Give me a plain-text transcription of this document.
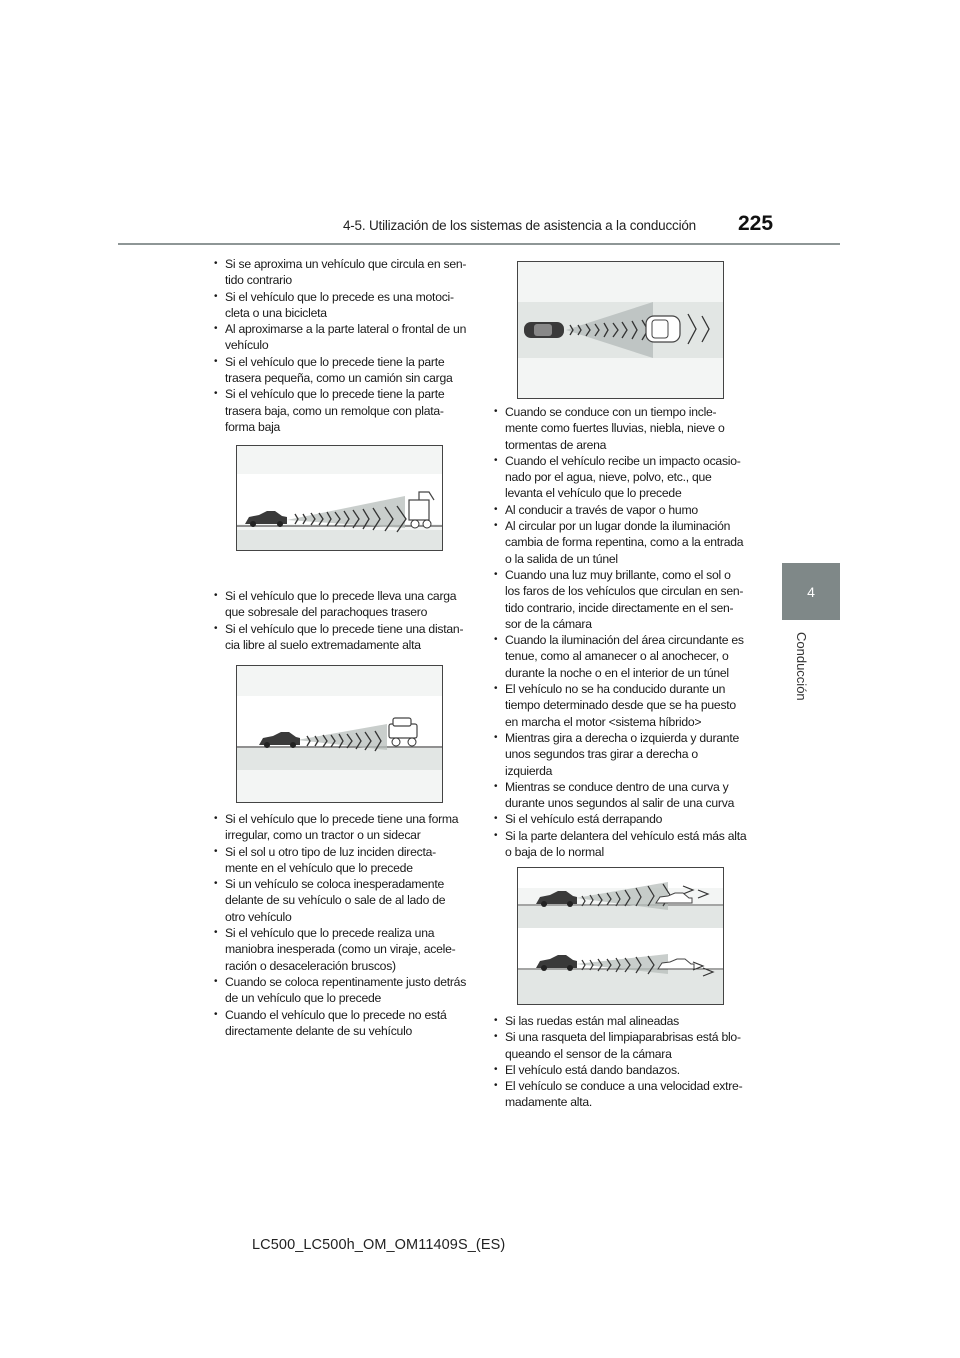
4-5. Utilización de los sistemas de asistencia a la conducción 225
4
Conducción
• Si se aproxima un vehículo que circula en sen-tido contrario
• Si el vehículo que lo precede es una motoci-cleta o una bicicleta
• Al aproximarse a la parte lateral o frontal de un vehículo
• Si el vehículo que lo precede tiene la parte trasera pequeña, como un camión sin carga
• Si el vehículo que lo precede tiene la parte trasera baja, como un remolque con plata-forma baja
• Si el vehículo que lo precede lleva una carga que sobresale del parachoques trasero
• Si el vehículo que lo precede tiene una distan-cia libre al suelo extremadamente alta
• Si el vehículo que lo precede tiene una forma irregular, como un tractor o un sidecar
• Si el sol u otro tipo de luz inciden directa-mente en el vehículo que lo precede
• Si un vehículo se coloca inesperadamente delante de su vehículo o sale de al lado de otro vehículo
• Si el vehículo que lo precede realiza una maniobra inesperada (como un viraje, acele-ración o desaceleración bruscos)
• Cuando se coloca repentinamente justo detrás de un vehículo que lo precede
• Cuando el vehículo que lo precede no está directamente delante de su vehículo
• Cuando se conduce con un tiempo incle-mente como fuertes lluvias, niebla, nieve o tormentas de arena
• Cuando el vehículo recibe un impacto ocasio-nado por el agua, nieve, polvo, etc., que levanta el vehículo que lo precede
• Al conducir a través de vapor o humo
• Al circular por un lugar donde la iluminación cambia de forma repentina, como a la entrada o la salida de un túnel
• Cuando una luz muy brillante, como el sol o los faros de los vehículos que circulan en sen-tido contrario, incide directamente en el sen-sor de la cámara
• Cuando la iluminación del área circundante es tenue, como al amanecer o al anochecer, o durante la noche o en el interior de un túnel
• El vehículo no se ha conducido durante un tiempo determinado desde que se ha puesto en marcha el motor <sistema híbrido>
• Mientras gira a derecha o izquierda y durante unos segundos tras girar a derecha o izquierda
• Mientras se conduce dentro de una curva y durante unos segundos al salir de una curva
• Si el vehículo está derrapando
• Si la parte delantera del vehículo está más alta o baja de lo normal
• Si las ruedas están mal alineadas
• Si una rasqueta del limpiaparabrisas está blo-queando el sensor de la cámara
• El vehículo está dando bandazos.
• El vehículo se conduce a una velocidad extre-madamente alta.
LC500_LC500h_OM_OM11409S_(ES)
